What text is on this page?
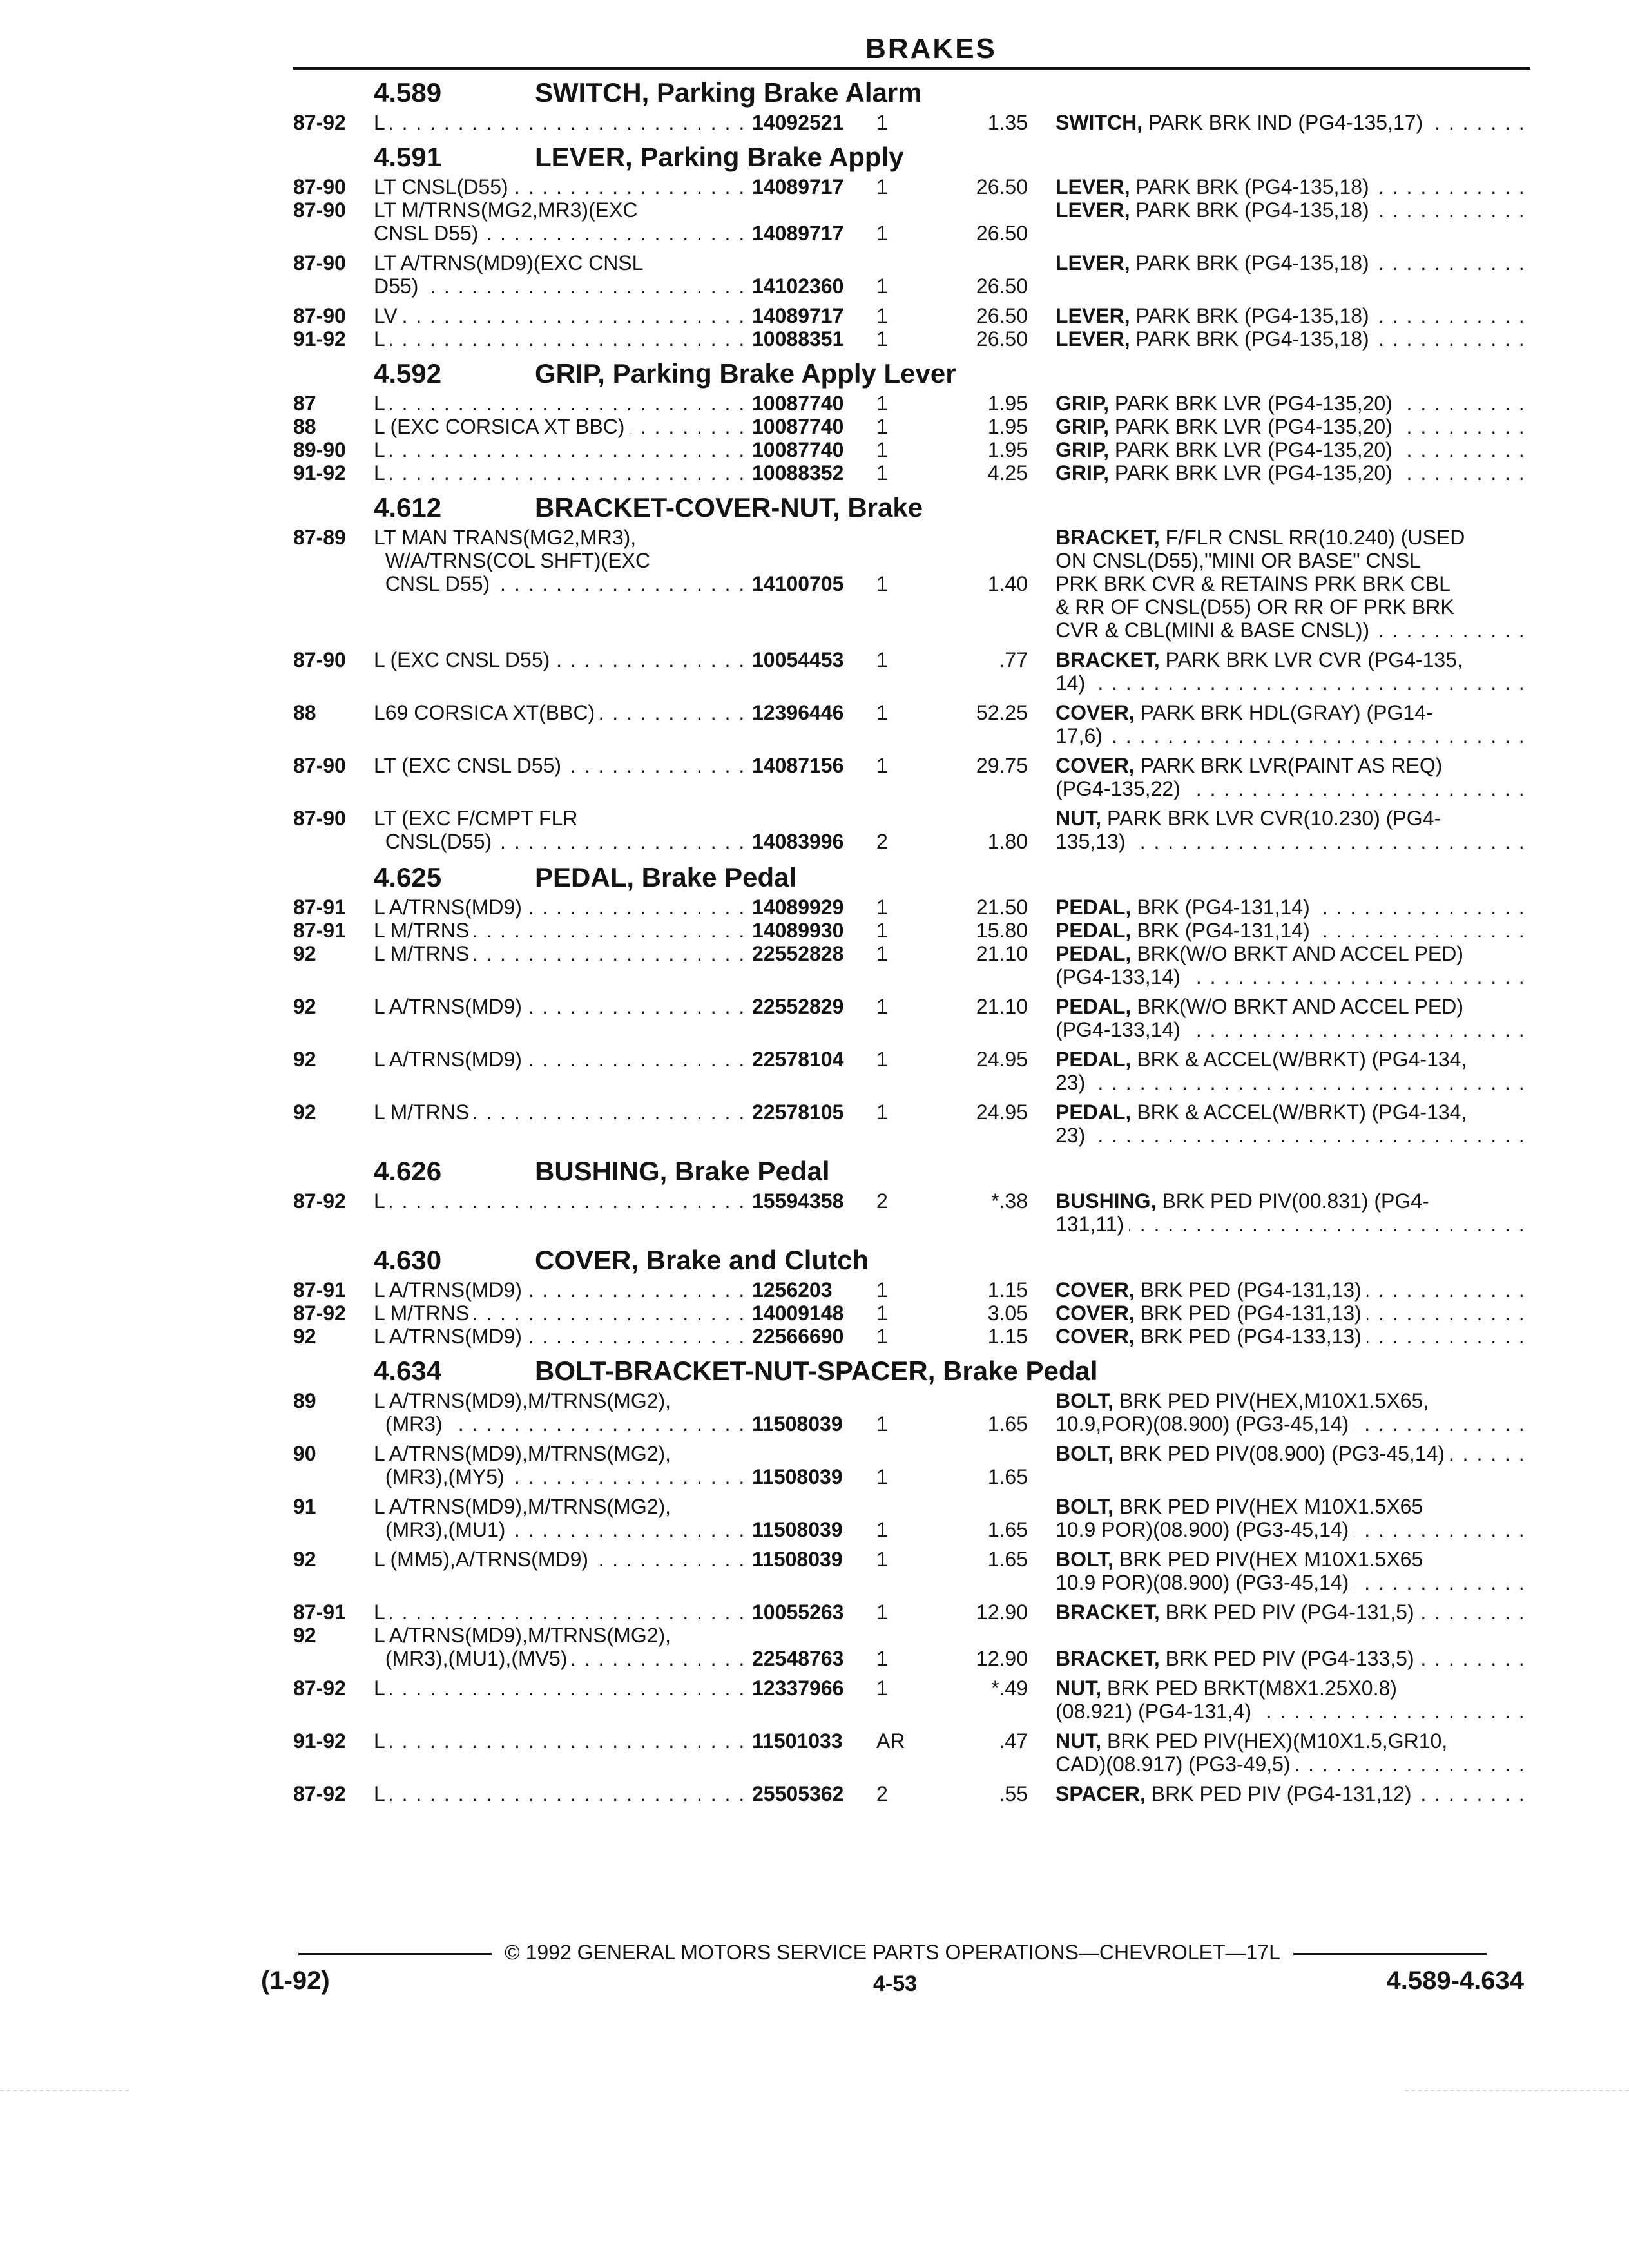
BRAKES
4.589	SWITCH, Parking Brake Alarm
87-92 L . . .	14092521 1	1.35 SWITCH, PARK BRK IND (PG4-135,17) . . .
4.591	LEVER, Parking Brake Apply
87-90 LT CNSL(D55) . . .	14089717 1	26.50 LEVER, PARK BRK (PG4-135,18) . . .
87-90 LT M/TRNS(MG2,MR3)(EXC
CNSL D55) . . .	14089717 1	26.50
LEVER, PARK BRK (PG4-135,18) . . .
87-90 LT A/TRNS(MD9)(EXC CNSL
D55) . . .	14102360 1	26.50
LEVER, PARK BRK (PG4-135,18) . . .
87-90 LV . . .	14089717 1	26.50 LEVER, PARK BRK (PG4-135,18) . . .
91-92 L . . .	10088351 1	26.50 LEVER, PARK BRK (PG4-135,18) . . .
4.592	GRIP, Parking Brake Apply Lever
87	L . . .	10087740 1	1.95 GRIP, PARK BRK LVR (PG4-135,20) . . .
88	L (EXC CORSICA XT BBC) . . .	10087740 1	1.95 GRIP, PARK BRK LVR (PG4-135,20) . . .
89-90 L . . .	10087740 1	1.95 GRIP, PARK BRK LVR (PG4-135,20) . . .
91-92 L . . .	10088352 1	4.25 GRIP, PARK BRK LVR (PG4-135,20) . . .
4.612	BRACKET-COVER-NUT, Brake
87-89 LT MAN TRANS(MG2,MR3),
W/A/TRNS(COL SHFT)(EXC
CNSL D55) . . .	14100705 1	1.40
BRACKET, F/FLR CNSL RR(10.240) (USED
ON CNSL(D55),"MINI OR BASE" CNSL
PRK BRK CVR & RETAINS PRK BRK CBL
& RR OF CNSL(D55) OR RR OF PRK BRK
CVR & CBL(MINI & BASE CNSL)) . . .
87-90 L (EXC CNSL D55) . . .	10054453 1	.77 BRACKET, PARK BRK LVR CVR (PG4-135,
14) . . .
88	L69 CORSICA XT(BBC) . . .	12396446 1	52.25 COVER, PARK BRK HDL(GRAY) (PG14-
17,6) . . .
87-90 LT (EXC CNSL D55) . . .	14087156 1	29.75 COVER, PARK BRK LVR(PAINT AS REQ)
(PG4-135,22) . . .
87-90 LT (EXC F/CMPT FLR
CNSL(D55) . . .	14083996 2	1.80
NUT, PARK BRK LVR CVR(10.230) (PG4-
135,13) . . .
4.625	PEDAL, Brake Pedal
87-91 L A/TRNS(MD9) . . .	14089929 1	21.50 PEDAL, BRK (PG4-131,14) . . .
87-91 L M/TRNS . . .	14089930 1	15.80 PEDAL, BRK (PG4-131,14) . . .
92	L M/TRNS . . .	22552828 1	21.10 PEDAL, BRK(W/O BRKT AND ACCEL PED)
(PG4-133,14) . . .
92	L A/TRNS(MD9) . . .	22552829 1	21.10 PEDAL, BRK(W/O BRKT AND ACCEL PED)
(PG4-133,14) . . .
92	L A/TRNS(MD9) . . .	22578104 1	24.95 PEDAL, BRK & ACCEL(W/BRKT) (PG4-134,
23) . . .
92	L M/TRNS . . .	22578105 1	24.95 PEDAL, BRK & ACCEL(W/BRKT) (PG4-134,
23) . . .
4.626	BUSHING, Brake Pedal
87-92 L . . .	15594358 2	*.38 BUSHING, BRK PED PIV(00.831) (PG4-
131,11) . . .
4.630	COVER, Brake and Clutch
87-91 L A/TRNS(MD9) . . .	1256203 1	1.15 COVER, BRK PED (PG4-131,13) . . .
87-92 L M/TRNS . . .	14009148 1	3.05 COVER, BRK PED (PG4-131,13) . . .
92	L A/TRNS(MD9) . . .	22566690 1	1.15 COVER, BRK PED (PG4-133,13) . . .
4.634	BOLT-BRACKET-NUT-SPACER, Brake Pedal
89	L A/TRNS(MD9),M/TRNS(MG2),
(MR3) . . .	11508039 1	1.65
BOLT, BRK PED PIV(HEX,M10X1.5X65,
10.9,POR)(08.900) (PG3-45,14) . . .
90	L A/TRNS(MD9),M/TRNS(MG2),
(MR3),(MY5) . . .	11508039 1	1.65
BOLT, BRK PED PIV(08.900) (PG3-45,14) . . .
91	L A/TRNS(MD9),M/TRNS(MG2),
(MR3),(MU1) . . .	11508039 1	1.65
BOLT, BRK PED PIV(HEX M10X1.5X65
10.9 POR)(08.900) (PG3-45,14) . . .
92	L (MM5),A/TRNS(MD9) . . .	11508039 1	1.65 BOLT, BRK PED PIV(HEX M10X1.5X65
10.9 POR)(08.900) (PG3-45,14) . . .
87-91 L . . .	10055263 1	12.90 BRACKET, BRK PED PIV (PG4-131,5) . . .
92	L A/TRNS(MD9),M/TRNS(MG2),
(MR3),(MU1),(MV5) . . .	22548763 1	12.90 BRACKET, BRK PED PIV (PG4-133,5) . . .
87-92 L . . .	12337966 1	*.49 NUT, BRK PED BRKT(M8X1.25X0.8)
(08.921) (PG4-131,4) . . .
91-92 L . . .	11501033 AR	.47 NUT, BRK PED PIV(HEX)(M10X1.5,GR10,
CAD)(08.917) (PG3-49,5) . . .
87-92 L . . .	25505362 2	.55 SPACER, BRK PED PIV (PG4-131,12) . . .
© 1992 GENERAL MOTORS SERVICE PARTS OPERATIONS—CHEVROLET—17L
(1-92)	4-53	4.589-4.634
